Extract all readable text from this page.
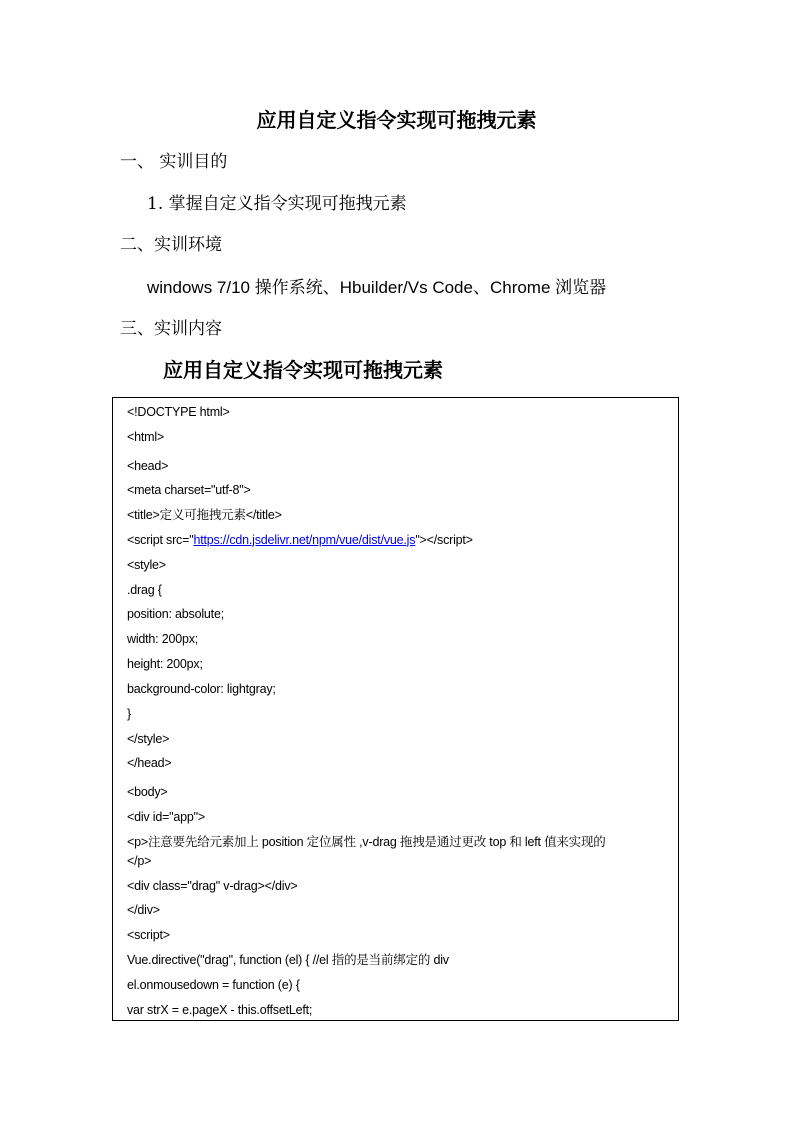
应用自定义指令实现可拖拽元素
一、 实训目的
1. 掌握自定义指令实现可拖拽元素
二、实训环境
windows 7/10 操作系统、Hbuilder/Vs Code、Chrome 浏览器
三、实训内容
应用自定义指令实现可拖拽元素
<!DOCTYPE html>
<html>
<head>
<meta charset="utf-8">
<title>定义可拖拽元素</title>
<script src="https://cdn.jsdelivr.net/npm/vue/dist/vue.js"></script>
<style>
.drag {
position: absolute;
width: 200px;
height: 200px;
background-color: lightgray;
}
</style>
</head>
<body>
<div id="app">
<p>注意要先给元素加上 position 定位属性 ,v-drag 拖拽是通过更改 top 和 left 值来实现的
</p>
<div class="drag" v-drag></div>
</div>
<script>
Vue.directive("drag", function (el) { //el 指的是当前绑定的 div
el.onmousedown = function (e) {
var strX = e.pageX - this.offsetLeft;
